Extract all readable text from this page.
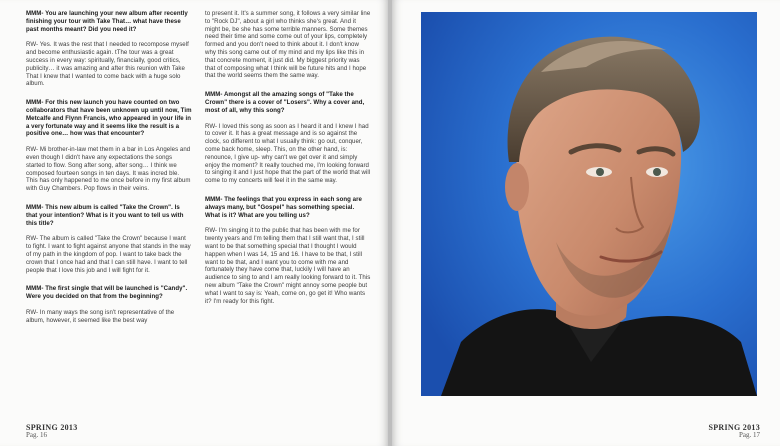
MMM- You are launching your new album after recently finishing your tour with Take That… what have these past months meant? Did you need it?

RW- Yes. It was the rest that I needed to recompose myself and become enthusiastic again. tThe tour was a great success in every way: spiritually, financially, good critics, publicity… it was amazing and after this reunion with Take That I knew that I wanted to come back with a huge solo album.

MMM- For this new launch you have counted on two collaborators that have been unknown up until now, Tim Metcalfe and Flynn Francis, who appeared in your life in a very fortunate way and it seems like the result is a positive one… how was that encounter?

RW- Mi brother-in-law met them in a bar in Los Angeles and even though I didn't have any expectations the songs started to flow. Song after song, after song… I think we composed fourteen songs in ten days. It was incred ble. This has only happened to me once before in my first album with Guy Chambers. Pop flows in their veins.

MMM- This new album is called "Take the Crown". Is that your intention? What is it you want to tell us with this title?

RW- The album is called "Take the Crown" because I want to fight. I want to fight against anyone that stands in the way of my path in the kingdom of pop. I want to take back the crown that I once had and that I can still have. I want to tell people that I love this job and I will fight for it.

MMM- The first single that will be launched is "Candy". Were you decided on that from the beginning?

RW- In many ways the song isn't representative of the album, however, it seemed like the best way

to present it. It's a summer song, it follows a very similar line to "Rock DJ", about a girl who thinks she's great. And it might be, be she has some terrible manners. Some themes need their time and some come out of your lips, completely formed and you don't need to think about it. I don't know why this song came out of my mind and my lips like this in that concrete moment, it just did. My biggest priority was that of composing what I think will be future hits and I hope that the world seems them the same way.

MMM- Amongst all the amazing songs of "Take the Crown" there is a cover of "Losers". Why a cover and, most of all, why this song?

RW- I loved this song as soon as I heard it and I knew I had to cover it. It has a great message and is so against the clock, so different to what I usually think: go out, conquer, come back home, sleep. This, on the other hand, is: renounce, I give up- why can't we get over it and simply enjoy the moment? It really touched me, I'm looking forward to singing it and I just hope that the part of the world that will come to my concerts will feel it in the same way.

MMM- The feelings that you express in each song are always many, but "Gospel" has something special. What is it? What are you telling us?

RW- I'm singing it to the public that has been with me for twenty years and I'm telling them that I still want that, I still want to be that something special that I thought I would happen when I was 14, 15 and 16. I have to be that, I still want to be that, and I want you to come with me and fortunately they have come that, luckily I will have an audience to sing to and I am really looking forward to it. This new album "Take the Crown" might annoy some people but what I want to say is: Yeah, come on, go get it! Who wants it? I'm ready for this fight.

SPRING 2013
Pag. 16
SPRING 2013
Pag. 17
